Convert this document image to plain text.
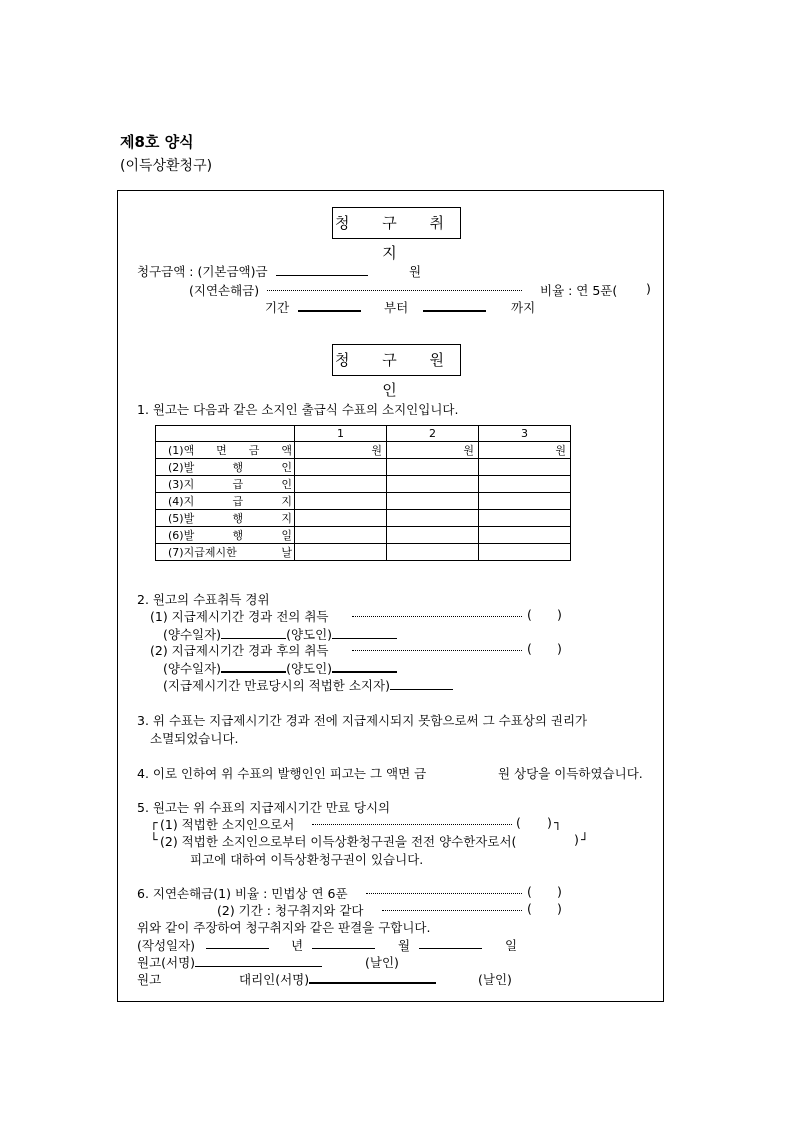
제8호 양식
(이득상환청구)
청 구 취 지
청구금액 : (기본금액)금	원
(지연손해금)	비율 : 연 5푼( )
기간	부터	까지
청 구 원 인
1. 원고는 다음과 같은 소지인 출급식 수표의 소지인입니다.
	1	2	3
(1)액 면 금 액	원	원	원
(2)발 행 인			
(3)지 급 인			
(4)지 급 지			
(5)발 행 지			
(6)발 행 일			
(7)지급제시한 날			
2. 원고의 수표취득 경위
(1) 지급제시기간 경과 전의 취득	( )
(양수일자)	(양도인)
(2) 지급제시기간 경과 후의 취득	( )
(양수일자)	(양도인)
(지급제시기간 만료당시의 적법한 소지자)
3. 위 수표는 지급제시기간 경과 전에 지급제시되지 못함으로써 그 수표상의 권리가
소멸되었습니다.
4. 이로 인하여 위 수표의 발행인인 피고는 그 액면 금	원 상당을 이득하였습니다.
5. 원고는 위 수표의 지급제시기간 만료 당시의
┌ (1) 적법한 소지인으로서	( ) ┐
└ (2) 적법한 소지인으로부터 이득상환청구권을 전전 양수한자로서(	) ┘
피고에 대하여 이득상환청구권이 있습니다.
6. 지연손해금(1) 비율 : 민법상 연 6푼	( )
(2) 기간 : 청구취지와 같다	( )
위와 같이 주장하여 청구취지와 같은 판결을 구합니다.
(작성일자)	년	월	일
원고(서명)	(날인)
원고	대리인(서명)	(날인)
